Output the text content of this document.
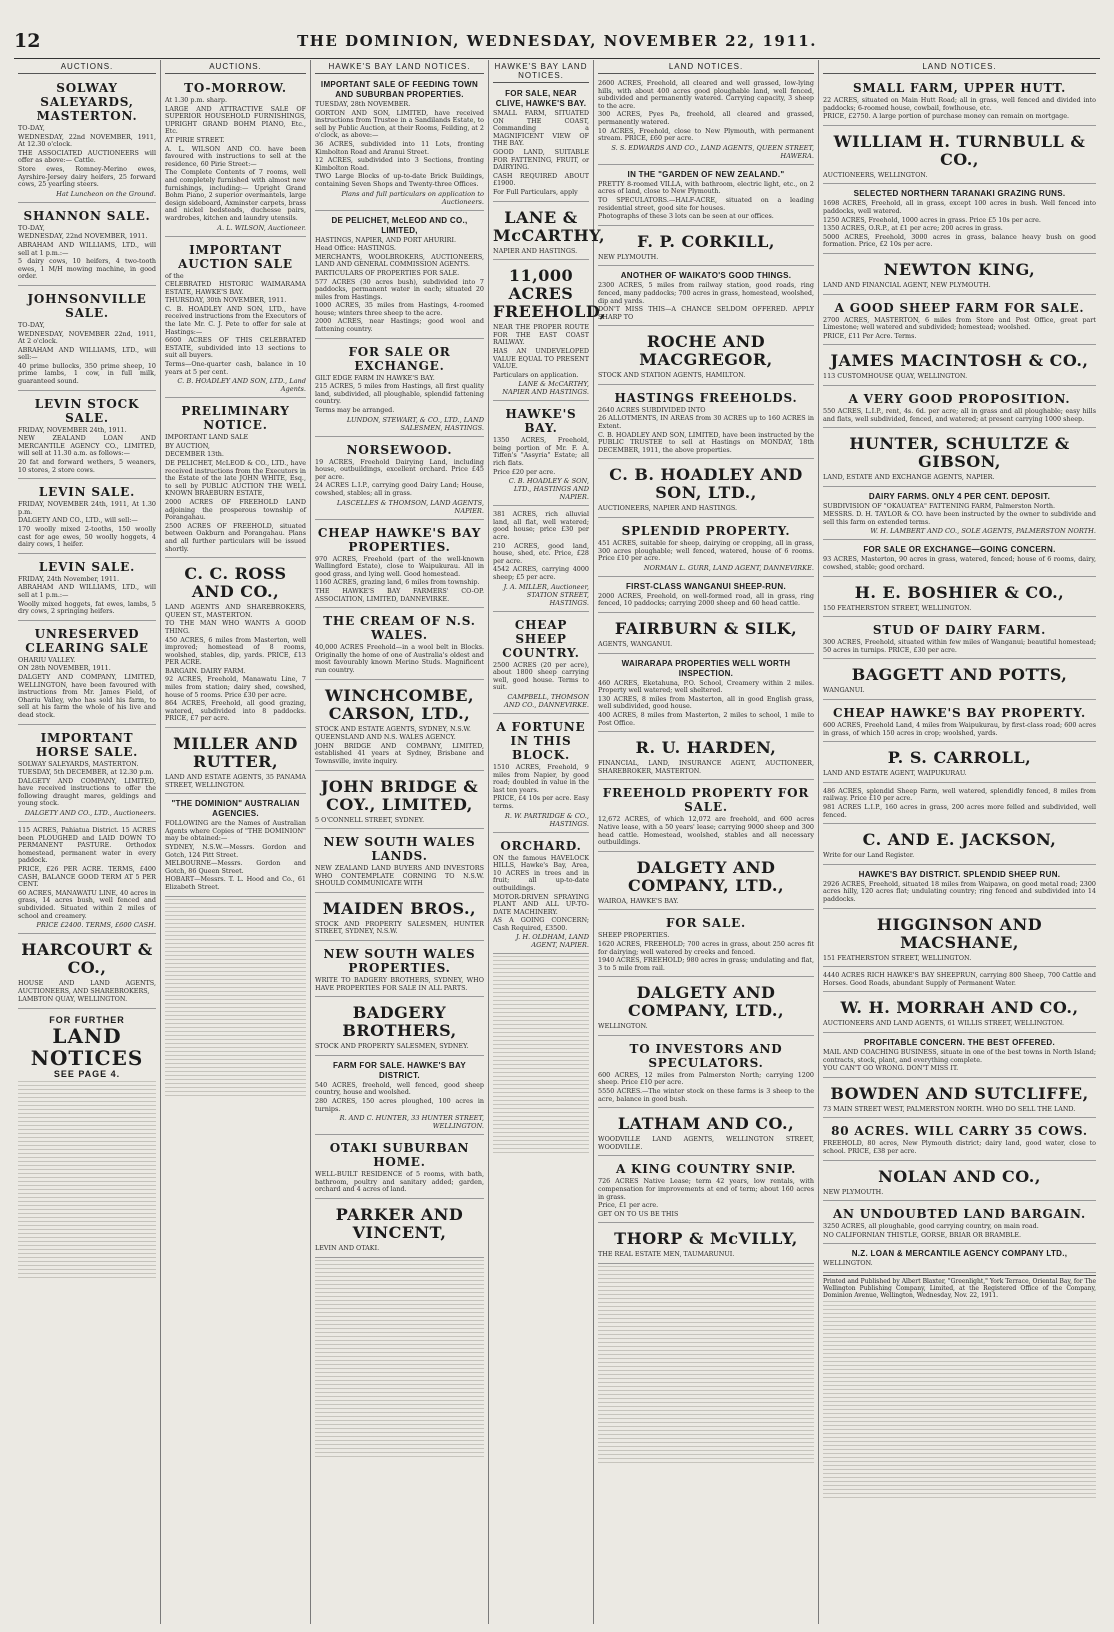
12	THE DOMINION, WEDNESDAY, NOVEMBER 22, 1911.
AUCTIONS.
SOLWAY SALEYARDS, MASTERTON.

TO-DAY,

WEDNESDAY, 22nd NOVEMBER, 1911, At 12.30 o'clock.

THE ASSOCIATED AUCTIONEERS will offer as above:— Cattle.

Store ewes, Romney-Merino ewes, Ayrshire-Jersey dairy heifers, 25 forward cows, 25 yearling steers.

Hat Luncheon on the Ground.

SHANNON SALE.

TO-DAY,

WEDNESDAY, 22nd NOVEMBER, 1911.

ABRAHAM AND WILLIAMS, LTD., will sell at 1 p.m.:—

5 dairy cows, 10 heifers, 4 two-tooth ewes, 1 M/H mowing machine, in good order.

JOHNSONVILLE SALE.

TO-DAY,

WEDNESDAY, NOVEMBER 22nd, 1911, At 2 o'clock.

ABRAHAM AND WILLIAMS, LTD., will sell:—

40 prime bullocks, 350 prime sheep, 10 prime lambs, 1 cow, in full milk, guaranteed sound.

LEVIN STOCK SALE.

FRIDAY, NOVEMBER 24th, 1911.

NEW ZEALAND LOAN AND MERCANTILE AGENCY CO., LIMITED, will sell at 11.30 a.m. as follows:—

20 fat and forward wethers, 5 weaners, 10 stores, 2 store cows.

LEVIN SALE.

FRIDAY, NOVEMBER 24th, 1911, At 1.30 p.m.

DALGETY AND CO., LTD., will sell:—

170 woolly mixed 2-tooths, 150 woolly cast for age ewes, 50 woolly hoggets, 4 dairy cows, 1 heifer.

LEVIN SALE.

FRIDAY, 24th November, 1911.

ABRAHAM AND WILLIAMS, LTD., will sell at 1 p.m.:—

Woolly mixed hoggets, fat ewes, lambs, 5 dry cows, 2 springing heifers.

UNRESERVED CLEARING SALE

OHARIU VALLEY.

ON 28th NOVEMBER, 1911.

DALGETY AND COMPANY, LIMITED, WELLINGTON, have been favoured with instructions from Mr. James Field, of Ohariu Valley, who has sold his farm, to sell at his farm the whole of his live and dead stock.

IMPORTANT HORSE SALE.

SOLWAY SALEYARDS, MASTERTON.

TUESDAY, 5th DECEMBER, at 12.30 p.m.

DALGETY AND COMPANY, LIMITED, have received instructions to offer the following draught mares, geldings and young stock.

DALGETY AND CO., LTD., Auctioneers.

115 ACRES, Pahiatua District. 15 ACRES been PLOUGHED and LAID DOWN TO PERMANENT PASTURE. Orthodox homestead, permanent water in every paddock.

PRICE, £26 PER ACRE. TERMS, £400 CASH, BALANCE GOOD TERM AT 5 PER CENT.

60 ACRES, MANAWATU LINE, 40 acres in grass, 14 acres bush, well fenced and subdivided. Situated within 2 miles of school and creamery.

PRICE £2400. TERMS, £600 CASH.

HARCOURT & CO.,

HOUSE AND LAND AGENTS, AUCTIONEERS, AND SHAREBROKERS,

LAMBTON QUAY, WELLINGTON.

FOR FURTHER
LAND NOTICES
SEE PAGE 4.
AUCTIONS.
TO-MORROW.

At 1.30 p.m. sharp.

LARGE AND ATTRACTIVE SALE OF SUPERIOR HOUSEHOLD FURNISHINGS, UPRIGHT GRAND BOHM PIANO, Etc., Etc.

AT PIRIE STREET.

A. L. WILSON AND CO. have been favoured with instructions to sell at the residence, 60 Pirie Street:—

The Complete Contents of 7 rooms, well and completely furnished with almost new furnishings, including:— Upright Grand Bohm Piano, 2 superior overmantels, large design sideboard, Axminster carpets, brass and nickel bedsteads, duchesse pairs, wardrobes, kitchen and laundry utensils.

A. L. WILSON, Auctioneer.

IMPORTANT AUCTION SALE

of the

CELEBRATED HISTORIC WAIMARAMA ESTATE, HAWKE'S BAY.

THURSDAY, 30th NOVEMBER, 1911.

C. B. HOADLEY AND SON, LTD., have received instructions from the Executors of the late Mr. C. J. Pete to offer for sale at Hastings:—

6600 ACRES OF THIS CELEBRATED ESTATE, subdivided into 13 sections to suit all buyers.

Terms—One-quarter cash, balance in 10 years at 5 per cent.

C. B. HOADLEY AND SON, LTD., Land Agents.

PRELIMINARY NOTICE.

IMPORTANT LAND SALE

BY AUCTION,

DECEMBER 13th.

DE PELICHET, McLEOD & CO., LTD., have received instructions from the Executors in the Estate of the late JOHN WHITE, Esq., to sell by PUBLIC AUCTION THE WELL KNOWN BRAEBURN ESTATE,

2000 ACRES OF FREEHOLD LAND adjoining the prosperous township of Porangahau.

2500 ACRES OF FREEHOLD, situated between Oakburn and Porangahau. Plans and all further particulars will be issued shortly.

C. C. ROSS AND CO.,

LAND AGENTS AND SHAREBROKERS, QUEEN ST., MASTERTON.

TO THE MAN WHO WANTS A GOOD THING.

450 ACRES, 6 miles from Masterton, well improved; homestead of 8 rooms, woolshed, stables, dip, yards. PRICE, £13 PER ACRE.

BARGAIN. DAIRY FARM.

92 ACRES, Freehold, Manawatu Line, 7 miles from station; dairy shed, cowshed, house of 5 rooms. Price £30 per acre.

864 ACRES, Freehold, all good grazing, watered, subdivided into 8 paddocks. PRICE, £7 per acre.

MILLER AND RUTTER,

LAND AND ESTATE AGENTS, 35 PANAMA STREET, WELLINGTON.

"THE DOMINION" AUSTRALIAN AGENCIES.

FOLLOWING are the Names of Australian Agents where Copies of "THE DOMINION" may be obtained:—

SYDNEY, N.S.W.—Messrs. Gordon and Gotch, 124 Pitt Street.

MELBOURNE—Messrs. Gordon and Gotch, 86 Queen Street.

HOBART—Messrs. T. L. Hood and Co., 61 Elizabeth Street.

HAWKE'S BAY LAND NOTICES.
IMPORTANT SALE OF FEEDING TOWN AND SUBURBAN PROPERTIES.

TUESDAY, 28th NOVEMBER.

GORTON AND SON, LIMITED, have received instructions from Trustee in a Sandilands Estate, to sell by Public Auction, at their Rooms, Feilding, at 2 o'clock, as above:—

36 ACRES, subdivided into 11 Lots, fronting Kimbolton Road and Aranui Street.

12 ACRES, subdivided into 3 Sections, fronting Kimbolton Road.

TWO Large Blocks of up-to-date Brick Buildings, containing Seven Shops and Twenty-three Offices.

Plans and full particulars on application to Auctioneers.

DE PELICHET, McLEOD AND CO., LIMITED,

HASTINGS, NAPIER, AND PORT AHURIRI.

Head Office: HASTINGS.

MERCHANTS, WOOLBROKERS, AUCTIONEERS, LAND AND GENERAL COMMISSION AGENTS.

PARTICULARS OF PROPERTIES FOR SALE.

577 ACRES (30 acres bush), subdivided into 7 paddocks, permanent water in each; situated 20 miles from Hastings.

1000 ACRES, 35 miles from Hastings, 4-roomed house; winters three sheep to the acre.

2000 ACRES, near Hastings; good wool and fattening country.

FOR SALE OR EXCHANGE.

GILT EDGE FARM IN HAWKE'S BAY.

215 ACRES, 5 miles from Hastings, all first quality land, subdivided, all ploughable, splendid fattening country.

Terms may be arranged.

LUNDON, STEWART, & CO., LTD., LAND SALESMEN, HASTINGS.

NORSEWOOD.

19 ACRES, Freehold Dairying Land, including house, outbuildings, excellent orchard. Price £45 per acre.

24 ACRES L.I.P., carrying good Dairy Land; House, cowshed, stables; all in grass.

LASCELLES & THOMSON, LAND AGENTS, NAPIER.

CHEAP HAWKE'S BAY PROPERTIES.

970 ACRES, Freehold (part of the well-known Wallingford Estate), close to Waipukurau. All in good grass, and lying well. Good homestead.

1160 ACRES, grazing land, 6 miles from township.

THE HAWKE'S BAY FARMERS' CO-OP. ASSOCIATION, LIMITED, DANNEVIRKE.

THE CREAM OF N.S. WALES.

40,000 ACRES Freehold—in a wool belt in Blocks. Originally the home of one of Australia's oldest and most favourably known Merino Studs. Magnificent run country.

WINCHCOMBE, CARSON, LTD.,

STOCK AND ESTATE AGENTS, SYDNEY, N.S.W.

QUEENSLAND AND N.S. WALES AGENCY.

JOHN BRIDGE AND COMPANY, LIMITED, established 41 years at Sydney, Brisbane and Townsville, invite inquiry.

JOHN BRIDGE & COY., LIMITED,

5 O'CONNELL STREET, SYDNEY.

NEW SOUTH WALES LANDS.

NEW ZEALAND LAND BUYERS AND INVESTORS WHO CONTEMPLATE CORNING TO N.S.W. SHOULD COMMUNICATE WITH

MAIDEN BROS.,

STOCK AND PROPERTY SALESMEN, HUNTER STREET, SYDNEY, N.S.W.

NEW SOUTH WALES PROPERTIES.

WRITE TO BADGERY BROTHERS, SYDNEY, WHO HAVE PROPERTIES FOR SALE IN ALL PARTS.

BADGERY BROTHERS,

STOCK AND PROPERTY SALESMEN, SYDNEY.

FARM FOR SALE. HAWKE'S BAY DISTRICT.

540 ACRES, freehold, well fenced, good sheep country, house and woolshed.

280 ACRES, 150 acres ploughed, 100 acres in turnips.

R. AND C. HUNTER, 33 HUNTER STREET, WELLINGTON.

OTAKI SUBURBAN HOME.

WELL-BUILT RESIDENCE of 5 rooms, with bath, bathroom, poultry and sanitary added; garden, orchard and 4 acres of land.

PARKER AND VINCENT,

LEVIN AND OTAKI.

HAWKE'S BAY LAND NOTICES.
FOR SALE, NEAR CLIVE, HAWKE'S BAY.

SMALL FARM, SITUATED ON THE COAST, Commanding a MAGNIFICENT VIEW OF THE BAY.

GOOD LAND, SUITABLE FOR FATTENING, FRUIT, or DAIRYING.

CASH REQUIRED ABOUT £1900.

For Full Particulars, apply

LANE & McCARTHY,

NAPIER AND HASTINGS.

11,000 ACRES FREEHOLD,

NEAR THE PROPER ROUTE FOR THE EAST COAST RAILWAY.

HAS AN UNDEVELOPED VALUE EQUAL TO PRESENT VALUE.

Particulars on application.

LANE & McCARTHY, NAPIER AND HASTINGS.

HAWKE'S BAY.

1350 ACRES, Freehold, being portion of Mr. F. A. Tiffen's "Assyria" Estate; all rich flats.

Price £20 per acre.

C. B. HOADLEY & SON, LTD., HASTINGS AND NAPIER.

381 ACRES, rich alluvial land, all flat, well watered; good house; price £30 per acre.

210 ACRES, good land, house, shed, etc. Price, £28 per acre.

4542 ACRES, carrying 4000 sheep; £5 per acre.

J. A. MILLER, Auctioneer, STATION STREET, HASTINGS.

CHEAP SHEEP COUNTRY.

2500 ACRES (20 per acre), about 1800 sheep carrying well, good house. Terms to suit.

CAMPBELL, THOMSON AND CO., DANNEVIRKE.

A FORTUNE IN THIS BLOCK.

1510 ACRES, Freehold, 9 miles from Napier, by good road; doubled in value in the last ten years.

PRICE, £4 10s per acre. Easy terms.

R. W. PARTRIDGE & CO., HASTINGS.

ORCHARD.

ON the famous HAVELOCK HILLS, Hawke's Bay, Area, 10 ACRES in trees and in fruit; all up-to-date outbuildings.

MOTOR-DRIVEN SPRAYING PLANT AND ALL UP-TO-DATE MACHINERY.

AS A GOING CONCERN; Cash Required, £3500.

J. H. OLDHAM, LAND AGENT, NAPIER.

LAND NOTICES.

2600 ACRES, Freehold, all cleared and well grassed, low-lying hills, with about 400 acres good ploughable land, well fenced, subdivided and permanently watered. Carrying capacity, 3 sheep to the acre.

300 ACRES, Pyes Pa, freehold, all cleared and grassed, permanently watered.

10 ACRES, Freehold, close to New Plymouth, with permanent stream. PRICE, £60 per acre.

S. S. EDWARDS AND CO., LAND AGENTS, QUEEN STREET, HAWERA.

IN THE "GARDEN OF NEW ZEALAND."

PRETTY 8-roomed VILLA, with bathroom, electric light, etc., on 2 acres of land, close to New Plymouth.

TO SPECULATORS.—HALF-ACRE, situated on a leading residential street, good site for houses.

Photographs of these 3 lots can be seen at our offices.

F. P. CORKILL,

NEW PLYMOUTH.

ANOTHER OF WAIKATO'S GOOD THINGS.

2300 ACRES, 5 miles from railway station, good roads, ring fenced, many paddocks; 700 acres in grass, homestead, woolshed, dip and yards.

DON'T MISS THIS—A CHANCE SELDOM OFFERED. APPLY SHARP TO

ROCHE AND MACGREGOR,

STOCK AND STATION AGENTS, HAMILTON.

HASTINGS FREEHOLDS.

2640 ACRES SUBDIVIDED INTO

26 ALLOTMENTS, IN AREAS from 30 ACRES up to 160 ACRES in Extent.

C. B. HOADLEY AND SON, LIMITED, have been instructed by the PUBLIC TRUSTEE to sell at Hastings on MONDAY, 18th DECEMBER, 1911, the above properties.

C. B. HOADLEY AND SON, LTD.,

AUCTIONEERS, NAPIER AND HASTINGS.

SPLENDID PROPERTY.

451 ACRES, suitable for sheep, dairying or cropping, all in grass, 300 acres ploughable; well fenced, watered, house of 6 rooms. Price £10 per acre.

NORMAN L. GURR, LAND AGENT, DANNEVIRKE.

FIRST-CLASS WANGANUI SHEEP-RUN.

2000 ACRES, Freehold, on well-formed road, all in grass, ring fenced, 10 paddocks; carrying 2000 sheep and 60 head cattle.

FAIRBURN & SILK,

AGENTS, WANGANUI.

WAIRARAPA PROPERTIES WELL WORTH INSPECTION.

460 ACRES, Eketahuna, P.O. School, Creamery within 2 miles. Property well watered; well sheltered.

130 ACRES, 8 miles from Masterton, all in good English grass, well subdivided, good house.

400 ACRES, 8 miles from Masterton, 2 miles to school, 1 mile to Post Office.

R. U. HARDEN,

FINANCIAL, LAND, INSURANCE AGENT, AUCTIONEER, SHAREBROKER, MASTERTON.

FREEHOLD PROPERTY FOR SALE.

12,672 ACRES, of which 12,072 are freehold, and 600 acres Native lease, with a 50 years' lease; carrying 9000 sheep and 300 head cattle. Homestead, woolshed, stables and all necessary outbuildings.

DALGETY AND COMPANY, LTD.,

WAIROA, HAWKE'S BAY.

FOR SALE.

SHEEP PROPERTIES.

1620 ACRES, FREEHOLD; 700 acres in grass, about 250 acres fit for dairying; well watered by creeks and fenced.

1940 ACRES, FREEHOLD; 980 acres in grass; undulating and flat, 3 to 5 mile from rail.

DALGETY AND COMPANY, LTD.,

WELLINGTON.

TO INVESTORS AND SPECULATORS.

600 ACRES, 12 miles from Palmerston North; carrying 1200 sheep. Price £10 per acre.

5550 ACRES.—The winter stock on these farms is 3 sheep to the acre, balance in good bush.

LATHAM AND CO.,

WOODVILLE LAND AGENTS, WELLINGTON STREET, WOODVILLE.

A KING COUNTRY SNIP.

726 ACRES Native Lease; term 42 years, low rentals, with compensation for improvements at end of term; about 160 acres in grass.

Price, £1 per acre.

GET ON TO US BE THIS

THORP & McVILLY,

THE REAL ESTATE MEN, TAUMARUNUI.

LAND NOTICES.
SMALL FARM, UPPER HUTT.

22 ACRES, situated on Main Hutt Road; all in grass, well fenced and divided into paddocks; 6-roomed house, cowbail, fowlhouse, etc.

PRICE, £2750. A large portion of purchase money can remain on mortgage.

WILLIAM H. TURNBULL & CO.,

AUCTIONEERS, WELLINGTON.

SELECTED NORTHERN TARANAKI GRAZING RUNS.

1698 ACRES, Freehold, all in grass, except 100 acres in bush. Well fenced into paddocks, well watered.

1250 ACRES, Freehold, 1000 acres in grass. Price £5 10s per acre.

1350 ACRES, O.R.P., at £1 per acre; 200 acres in grass.

5000 ACRES, Freehold, 3000 acres in grass, balance heavy bush on good formation. Price, £2 10s per acre.

NEWTON KING,

LAND AND FINANCIAL AGENT, NEW PLYMOUTH.

A GOOD SHEEP FARM FOR SALE.

2700 ACRES, MASTERTON, 6 miles from Store and Post Office, great part Limestone; well watered and subdivided; homestead; woolshed.

PRICE, £11 Per Acre. Terms.

JAMES MACINTOSH & CO.,

113 CUSTOMHOUSE QUAY, WELLINGTON.

A VERY GOOD PROPOSITION.

550 ACRES, L.I.P., rent, 4s. 6d. per acre; all in grass and all ploughable; easy hills and flats, well subdivided, fenced, and watered; at present carrying 1000 sheep.

HUNTER, SCHULTZE & GIBSON,

LAND, ESTATE AND EXCHANGE AGENTS, NAPIER.

DAIRY FARMS. ONLY 4 PER CENT. DEPOSIT.

SUBDIVISION OF "OKAUATEA" FATTENING FARM, Palmerston North.

MESSRS. D. H. TAYLOR & CO. have been instructed by the owner to subdivide and sell this farm on extended terms.

W. H. LAMBERT AND CO., SOLE AGENTS, PALMERSTON NORTH.

FOR SALE OR EXCHANGE—GOING CONCERN.

93 ACRES, Masterton, 90 acres in grass, watered, fenced; house of 6 rooms, dairy, cowshed, stable; good orchard.

H. E. BOSHIER & CO.,

150 FEATHERSTON STREET, WELLINGTON.

STUD OF DAIRY FARM.

300 ACRES, Freehold, situated within few miles of Wanganui; beautiful homestead; 50 acres in turnips. PRICE, £30 per acre.

BAGGETT AND POTTS,

WANGANUI.

CHEAP HAWKE'S BAY PROPERTY.

600 ACRES, Freehold Land, 4 miles from Waipukurau, by first-class road; 600 acres in grass, of which 150 acres in crop; woolshed, yards.

P. S. CARROLL,

LAND AND ESTATE AGENT, WAIPUKURAU.

486 ACRES, splendid Sheep Farm, well watered, splendidly fenced, 8 miles from railway. Price £10 per acre.

981 ACRES L.I.P., 160 acres in grass, 200 acres more felled and subdivided, well fenced.

C. AND E. JACKSON,

Write for our Land Register.

HAWKE'S BAY DISTRICT. SPLENDID SHEEP RUN.

2926 ACRES, Freehold, situated 18 miles from Waipawa, on good metal road; 2300 acres hilly, 120 acres flat; undulating country; ring fenced and subdivided into 14 paddocks.

HIGGINSON AND MACSHANE,

151 FEATHERSTON STREET, WELLINGTON.

4440 ACRES RICH HAWKE'S BAY SHEEPRUN, carrying 800 Sheep, 700 Cattle and Horses. Good Roads, abundant Supply of Permanent Water.

W. H. MORRAH AND CO.,

AUCTIONEERS AND LAND AGENTS, 61 WILLIS STREET, WELLINGTON.

PROFITABLE CONCERN. THE BEST OFFERED.

MAIL AND COACHING BUSINESS, situate in one of the best towns in North Island; contracts, stock, plant, and everything complete.

YOU CAN'T GO WRONG. DON'T MISS IT.

BOWDEN AND SUTCLIFFE,

73 MAIN STREET WEST, PALMERSTON NORTH. WHO DO SELL THE LAND.

80 ACRES. WILL CARRY 35 COWS.

FREEHOLD, 80 acres, New Plymouth district; dairy land, good water, close to school. PRICE, £38 per acre.

NOLAN AND CO.,

NEW PLYMOUTH.

AN UNDOUBTED LAND BARGAIN.

3250 ACRES, all ploughable, good carrying country, on main road.

NO CALIFORNIAN THISTLE, GORSE, BRIAR OR BRAMBLE.

N.Z. LOAN & MERCANTILE AGENCY COMPANY LTD.,

WELLINGTON.

Printed and Published by Albert Blaxter, "Greenlight," York Terrace, Oriental Bay, for The Wellington Publishing Company, Limited, at the Registered Office of the Company, Dominion Avenue, Wellington, Wednesday, Nov. 22, 1911.
